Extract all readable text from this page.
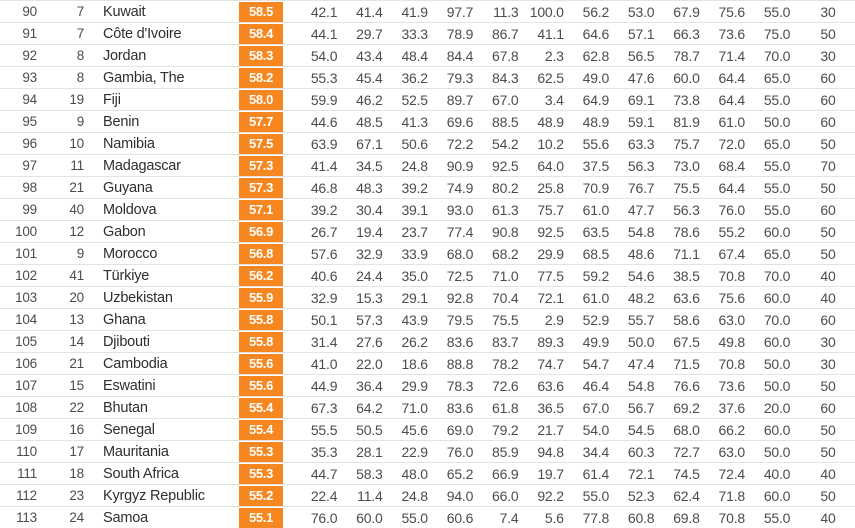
90	7	Kuwait	58.5	42.1	41.4	41.9	97.7	11.3 100.0	56.2	53.0	67.9	75.6	55.0	30
91	7	Côte d'Ivoire	58.4	44.1	29.7	33.3	78.9	86.7	41.1	64.6	57.1	66.3	73.6	75.0	50
92	8	Jordan	58.3	54.0	43.4	48.4	84.4	67.8	2.3	62.8	56.5	78.7	71.4	70.0	30
93	8	Gambia, The	58.2	55.3	45.4	36.2	79.3	84.3	62.5	49.0	47.6	60.0	64.4	65.0	60
94	19	Fiji	58.0	59.9	46.2	52.5	89.7	67.0	3.4	64.9	69.1	73.8	64.4	55.0	60
95	9	Benin	57.7	44.6	48.5	41.3	69.6	88.5	48.9	48.9	59.1	81.9	61.0	50.0	60
96	10	Namibia	57.5	63.9	67.1	50.6	72.2	54.2	10.2	55.6	63.3	75.7	72.0	65.0	50
97	11	Madagascar	57.3	41.4	34.5	24.8	90.9	92.5	64.0	37.5	56.3	73.0	68.4	55.0	70
98	21	Guyana	57.3	46.8	48.3	39.2	74.9	80.2	25.8	70.9	76.7	75.5	64.4	55.0	50
99	40	Moldova	57.1	39.2	30.4	39.1	93.0	61.3	75.7	61.0	47.7	56.3	76.0	55.0	60
100	12	Gabon	56.9	26.7	19.4	23.7	77.4	90.8	92.5	63.5	54.8	78.6	55.2	60.0	50
101	9	Morocco	56.8	57.6	32.9	33.9	68.0	68.2	29.9	68.5	48.6	71.1	67.4	65.0	50
102	41	Türkiye	56.2	40.6	24.4	35.0	72.5	71.0	77.5	59.2	54.6	38.5	70.8	70.0	40
103	20	Uzbekistan	55.9	32.9	15.3	29.1	92.8	70.4	72.1	61.0	48.2	63.6	75.6	60.0	40
104	13	Ghana	55.8	50.1	57.3	43.9	79.5	75.5	2.9	52.9	55.7	58.6	63.0	70.0	60
105	14	Djibouti	55.8	31.4	27.6	26.2	83.6	83.7	89.3	49.9	50.0	67.5	49.8	60.0	30
106	21	Cambodia	55.6	41.0	22.0	18.6	88.8	78.2	74.7	54.7	47.4	71.5	70.8	50.0	30
107	15	Eswatini	55.6	44.9	36.4	29.9	78.3	72.6	63.6	46.4	54.8	76.6	73.6	50.0	50
108	22	Bhutan	55.4	67.3	64.2	71.0	83.6	61.8	36.5	67.0	56.7	69.2	37.6	20.0	60
109	16	Senegal	55.4	55.5	50.5	45.6	69.0	79.2	21.7	54.0	54.5	68.0	66.2	60.0	50
110	17	Mauritania	55.3	35.3	28.1	22.9	76.0	85.9	94.8	34.4	60.3	72.7	63.0	50.0	50
111	18	South Africa	55.3	44.7	58.3	48.0	65.2	66.9	19.7	61.4	72.1	74.5	72.4	40.0	40
112	23	Kyrgyz Republic	55.2	22.4	11.4	24.8	94.0	66.0	92.2	55.0	52.3	62.4	71.8	60.0	50
113	24	Samoa	55.1	76.0	60.0	55.0	60.6	7.4	5.6	77.8	60.8	69.8	70.8	55.0	40
